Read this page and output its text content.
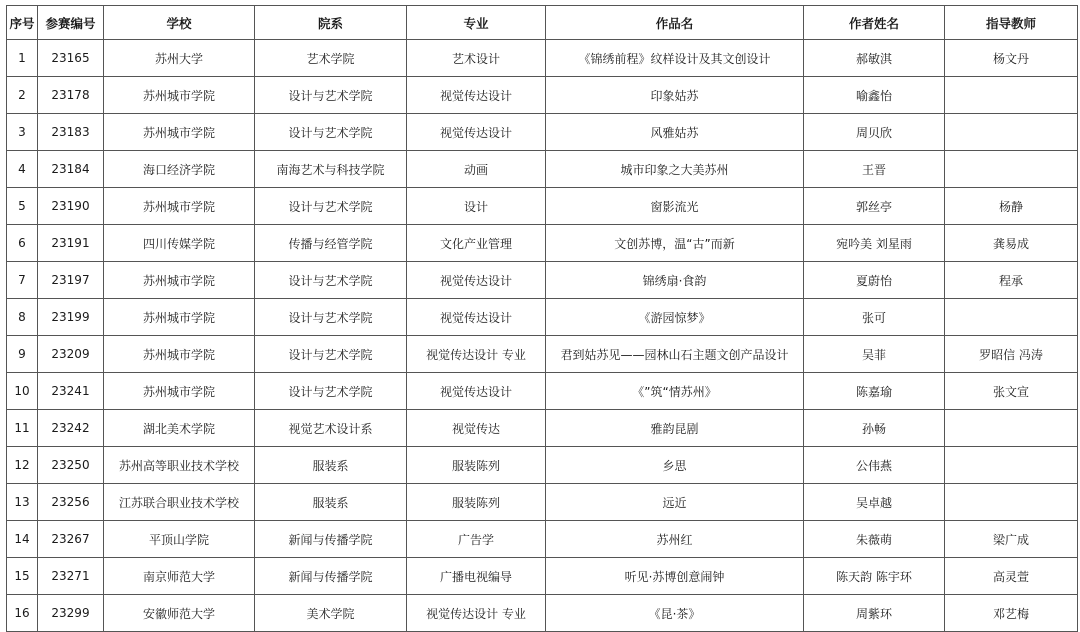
序号	参赛编号	学校	院系	专业	作品名	作者姓名	指导教师
1	23165	苏州大学	艺术学院	艺术设计	《锦绣前程》纹样设计及其文创设计	郝敏淇	杨文丹
2	23178	苏州城市学院	设计与艺术学院	视觉传达设计	印象姑苏	喻鑫怡	
3	23183	苏州城市学院	设计与艺术学院	视觉传达设计	风雅姑苏	周贝欣	
4	23184	海口经济学院	南海艺术与科技学院	动画	城市印象之大美苏州	王晋	
5	23190	苏州城市学院	设计与艺术学院	设计	窗影流光	郭丝亭	杨静
6	23191	四川传媒学院	传播与经管学院	文化产业管理	文创苏博，温“古”而新	宛吟美 刘星雨	龚易成
7	23197	苏州城市学院	设计与艺术学院	视觉传达设计	锦绣扇·食韵	夏蔚怡	程承
8	23199	苏州城市学院	设计与艺术学院	视觉传达设计	《游园惊梦》	张可	
9	23209	苏州城市学院	设计与艺术学院	视觉传达设计 专业	君到姑苏见——园林山石主题文创产品设计	吴菲	罗昭信 冯涛
10	23241	苏州城市学院	设计与艺术学院	视觉传达设计	《”筑“情苏州》	陈嘉瑜	张文宣
11	23242	湖北美术学院	视觉艺术设计系	视觉传达	雅韵昆剧	孙畅	
12	23250	苏州高等职业技术学校	服装系	服装陈列	乡思	公伟燕	
13	23256	江苏联合职业技术学校	服装系	服装陈列	远近	吴卓越	
14	23267	平顶山学院	新闻与传播学院	广告学	苏州红	朱薇萌	梁广成
15	23271	南京师范大学	新闻与传播学院	广播电视编导	听见·苏博创意闹钟	陈天韵 陈宇环	高灵萱
16	23299	安徽师范大学	美术学院	视觉传达设计 专业	《昆·茶》	周紫环	邓艺梅
